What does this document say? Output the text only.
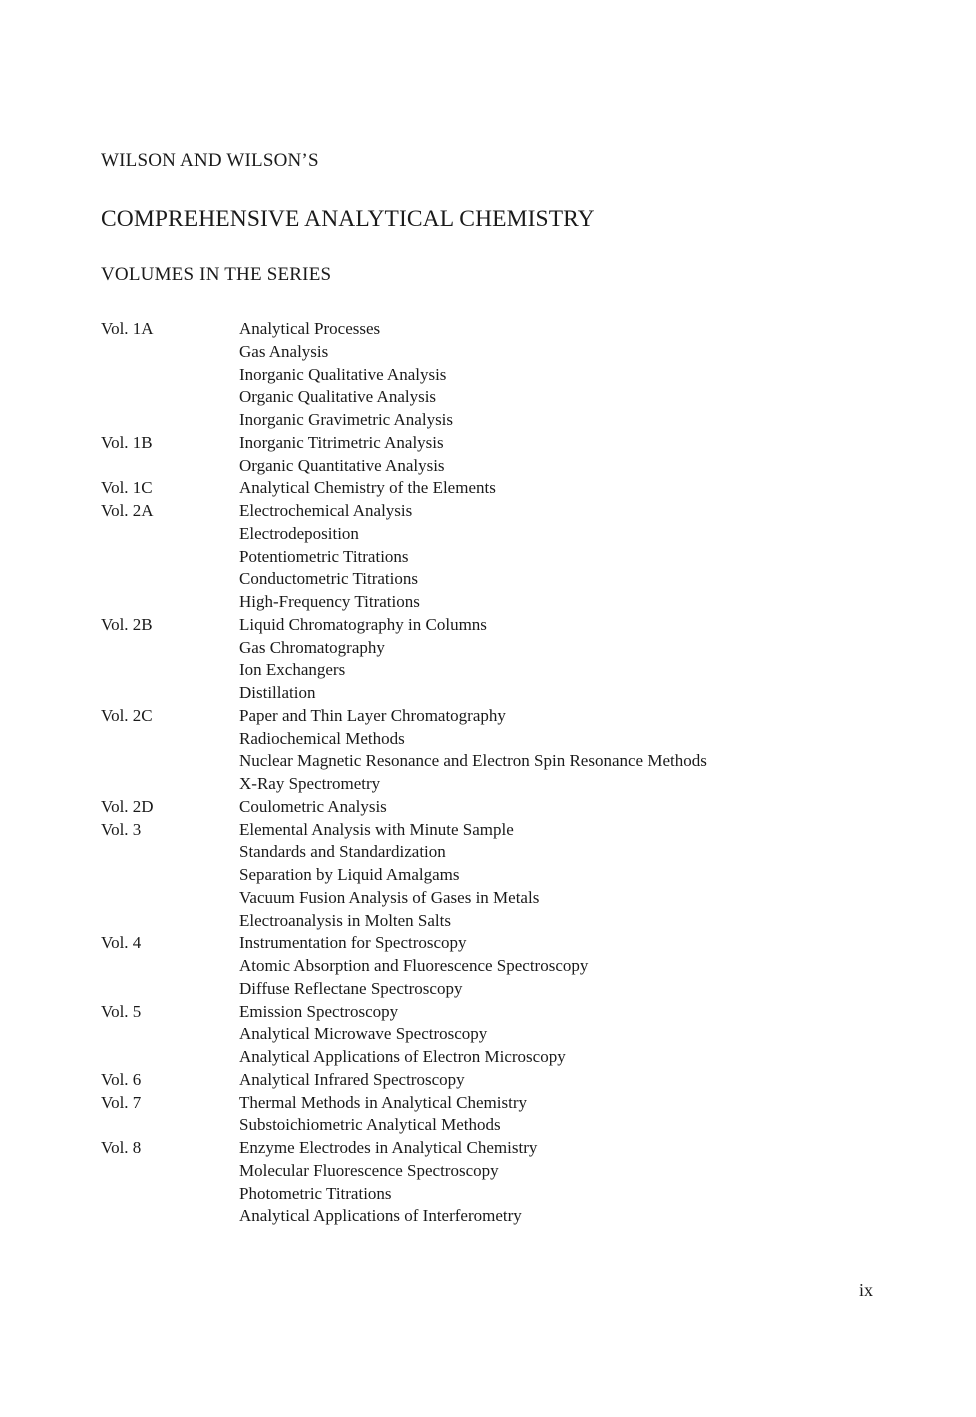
WILSON AND WILSON’S
COMPREHENSIVE ANALYTICAL CHEMISTRY
VOLUMES IN THE SERIES
Vol. 1A	Analytical Processes
Gas Analysis
Inorganic Qualitative Analysis
Organic Qualitative Analysis
Inorganic Gravimetric Analysis
Vol. 1B	Inorganic Titrimetric Analysis
Organic Quantitative Analysis
Vol. 1C	Analytical Chemistry of the Elements
Vol. 2A	Electrochemical Analysis
Electrodeposition
Potentiometric Titrations
Conductometric Titrations
High-Frequency Titrations
Vol. 2B	Liquid Chromatography in Columns
Gas Chromatography
Ion Exchangers
Distillation
Vol. 2C	Paper and Thin Layer Chromatography
Radiochemical Methods
Nuclear Magnetic Resonance and Electron Spin Resonance Methods
X-Ray Spectrometry
Vol. 2D	Coulometric Analysis
Vol. 3	Elemental Analysis with Minute Sample
Standards and Standardization
Separation by Liquid Amalgams
Vacuum Fusion Analysis of Gases in Metals
Electroanalysis in Molten Salts
Vol. 4	Instrumentation for Spectroscopy
Atomic Absorption and Fluorescence Spectroscopy
Diffuse Reflectane Spectroscopy
Vol. 5	Emission Spectroscopy
Analytical Microwave Spectroscopy
Analytical Applications of Electron Microscopy
Vol. 6	Analytical Infrared Spectroscopy
Vol. 7	Thermal Methods in Analytical Chemistry
Substoichiometric Analytical Methods
Vol. 8	Enzyme Electrodes in Analytical Chemistry
Molecular Fluorescence Spectroscopy
Photometric Titrations
Analytical Applications of Interferometry
ix
